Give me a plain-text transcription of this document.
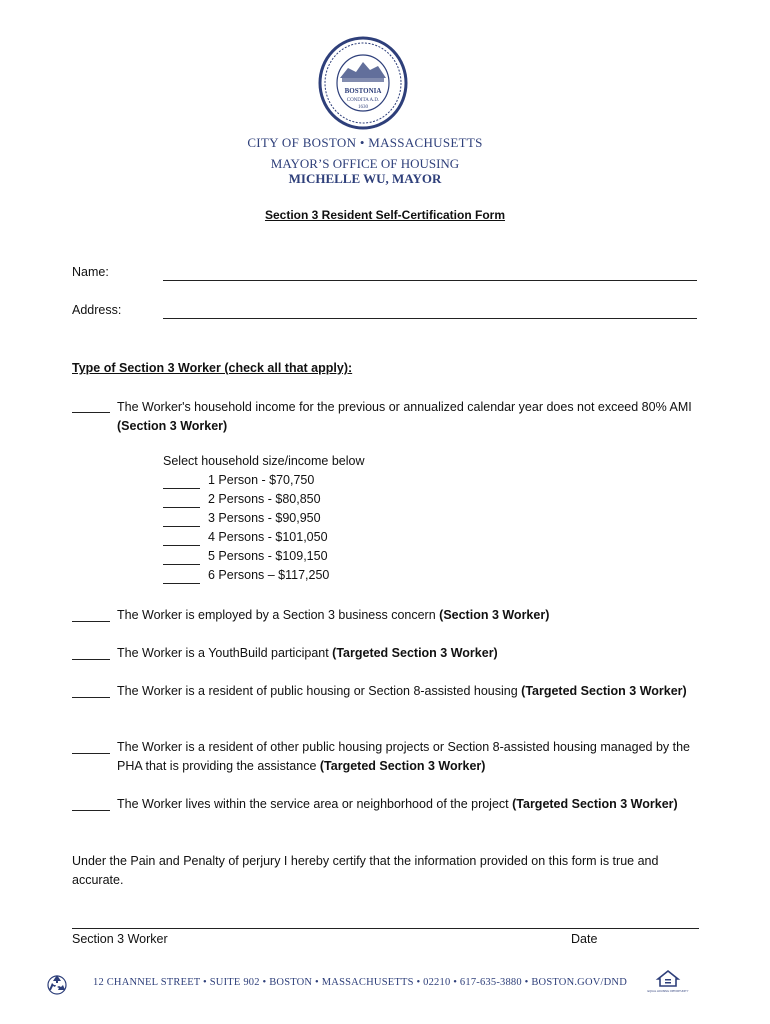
BOSTONIA
CONDITA A.D.
1630
CITY OF BOSTON • MASSACHUSETTS
MAYOR’S OFFICE OF HOUSING
MICHELLE WU, MAYOR
Section 3 Resident Self-Certification Form
Name:
Address:
Type of Section 3 Worker (check all that apply):
The Worker's household income for the previous or annualized calendar year does not exceed 80% AMI (Section 3 Worker)
Select household size/income below
1 Person - $70,750
2 Persons - $80,850
3 Persons - $90,950
4 Persons - $101,050
5 Persons - $109,150
6 Persons – $117,250
The Worker is employed by a Section 3 business concern (Section 3 Worker)
The Worker is a YouthBuild participant (Targeted Section 3 Worker)
The Worker is a resident of public housing or Section 8-assisted housing (Targeted Section 3 Worker)
The Worker is a resident of other public housing projects or Section 8-assisted housing managed by the PHA that is providing the assistance (Targeted Section 3 Worker)
The Worker lives within the service area or neighborhood of the project (Targeted Section 3 Worker)
Under the Pain and Penalty of perjury I hereby certify that the information provided on this form is true and accurate.
Section 3 Worker	Date
12 CHANNEL STREET • SUITE 902 • BOSTON • MASSACHUSETTS • 02210 • 617-635-3880 • BOSTON.GOV/DND
EQUAL HOUSING OPPORTUNITY
